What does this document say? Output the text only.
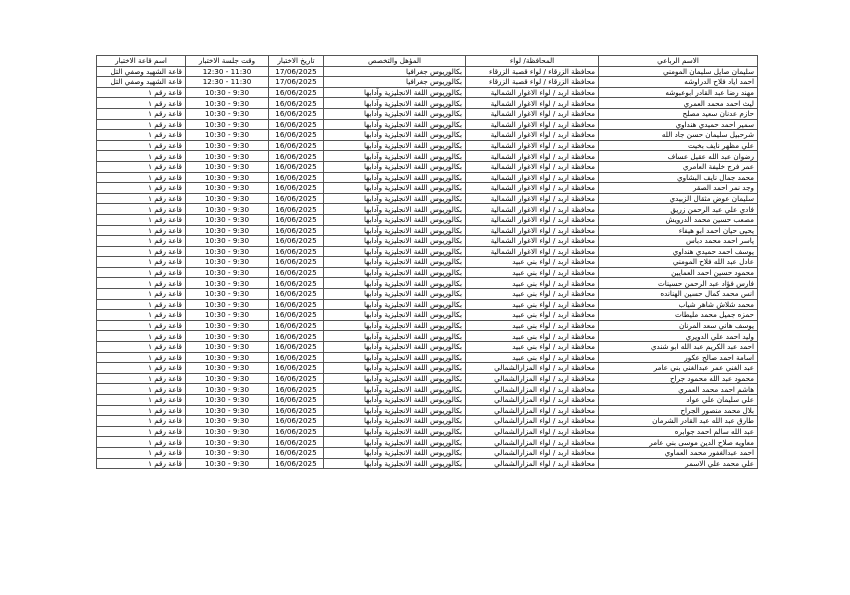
الاسم الرباعي	المحافظة/ لواء	المؤهل والتخصص	تاريخ الاختبار	وقت جلسة الاختبار	اسم قاعة الاختبار
سليمان صايل سليمان المومني	محافظة الزرقاء / لواء قصبة الزرقاء	بكالوريوس جغرافيا	17/06/2025	11:30 - 12:30	قاعة الشهيد وصفي التل
احمد اياد فلاح الدراوشه	محافظة الزرقاء / لواء قصبة الزرقاء	بكالوريوس جغرافيا	17/06/2025	11:30 - 12:30	قاعة الشهيد وصفي التل
مهند رضا عبد القادر ابوعبوشه	محافظة اربد / لواء الاغوار الشمالية	بكالوريوس اللغة الانجليزية وآدابها	16/06/2025	9:30 - 10:30	قاعة رقم ١
ليث احمد محمد العمري	محافظة اربد / لواء الاغوار الشمالية	بكالوريوس اللغة الانجليزية وآدابها	16/06/2025	9:30 - 10:30	قاعة رقم ١
حازم عدنان سعيد مصلح	محافظة اربد / لواء الاغوار الشمالية	بكالوريوس اللغة الانجليزية وآدابها	16/06/2025	9:30 - 10:30	قاعة رقم ١
سمير احمد حميدي هنداوي	محافظة اربد / لواء الاغوار الشمالية	بكالوريوس اللغة الانجليزية وآدابها	16/06/2025	9:30 - 10:30	قاعة رقم ١
شرحبيل سليمان حسن جاد الله	محافظة اربد / لواء الاغوار الشمالية	بكالوريوس اللغة الانجليزية وآدابها	16/06/2025	9:30 - 10:30	قاعة رقم ١
علي مظهر نايف بخيت	محافظة اربد / لواء الاغوار الشمالية	بكالوريوس اللغة الانجليزية وآدابها	16/06/2025	9:30 - 10:30	قاعة رقم ١
رضوان عبد الله عقيل عساف	محافظة اربد / لواء الاغوار الشمالية	بكالوريوس اللغة الانجليزية وآدابها	16/06/2025	9:30 - 10:30	قاعة رقم ١
عمر فرج خليفة العامري	محافظة اربد / لواء الاغوار الشمالية	بكالوريوس اللغة الانجليزية وآدابها	16/06/2025	9:30 - 10:30	قاعة رقم ١
محمد جمال نايف البشاوي	محافظة اربد / لواء الاغوار الشمالية	بكالوريوس اللغة الانجليزية وآدابها	16/06/2025	9:30 - 10:30	قاعة رقم ١
وجد نمر احمد الصقر	محافظة اربد / لواء الاغوار الشمالية	بكالوريوس اللغة الانجليزية وآدابها	16/06/2025	9:30 - 10:30	قاعة رقم ١
سليمان عوض مثقال الزبيدي	محافظة اربد / لواء الاغوار الشمالية	بكالوريوس اللغة الانجليزية وآدابها	16/06/2025	9:30 - 10:30	قاعة رقم ١
فادي علي عبد الرحمن زريق	محافظة اربد / لواء الاغوار الشمالية	بكالوريوس اللغة الانجليزية وآدابها	16/06/2025	9:30 - 10:30	قاعة رقم ١
مصعب حسين محمد الدرويش	محافظة اربد / لواء الاغوار الشمالية	بكالوريوس اللغة الانجليزية وآدابها	16/06/2025	9:30 - 10:30	قاعة رقم ١
يحيى حيان احمد ابو هيفاء	محافظة اربد / لواء الاغوار الشمالية	بكالوريوس اللغة الانجليزية وآدابها	16/06/2025	9:30 - 10:30	قاعة رقم ١
ياسر احمد محمد دباس	محافظة اربد / لواء الاغوار الشمالية	بكالوريوس اللغة الانجليزية وآدابها	16/06/2025	9:30 - 10:30	قاعة رقم ١
يوسف احمد حميدي هنداوي	محافظة اربد / لواء الاغوار الشمالية	بكالوريوس اللغة الانجليزية وآدابها	16/06/2025	9:30 - 10:30	قاعة رقم ١
عادل عبد الله فلاح المومني	محافظة اربد / لواء بني عبيد	بكالوريوس اللغة الانجليزية وآدابها	16/06/2025	9:30 - 10:30	قاعة رقم ١
محمود حسين احمد العمايين	محافظة اربد / لواء بني عبيد	بكالوريوس اللغة الانجليزية وآدابها	16/06/2025	9:30 - 10:30	قاعة رقم ١
فارس فؤاد عبد الرحمن حسينات	محافظة اربد / لواء بني عبيد	بكالوريوس اللغة الانجليزية وآدابها	16/06/2025	9:30 - 10:30	قاعة رقم ١
انس محمد كمال حسين الهنانده	محافظة اربد / لواء بني عبيد	بكالوريوس اللغة الانجليزية وآدابها	16/06/2025	9:30 - 10:30	قاعة رقم ١
محمد شلاش شاهر شياب	محافظة اربد / لواء بني عبيد	بكالوريوس اللغة الانجليزية وآدابها	16/06/2025	9:30 - 10:30	قاعة رقم ١
حمزه جميل محمد مليطات	محافظة اربد / لواء بني عبيد	بكالوريوس اللغة الانجليزية وآدابها	16/06/2025	9:30 - 10:30	قاعة رقم ١
يوسف هاني سعد المرنان	محافظة اربد / لواء بني عبيد	بكالوريوس اللغة الانجليزية وآدابها	16/06/2025	9:30 - 10:30	قاعة رقم ١
وليد احمد علي الدويري	محافظة اربد / لواء بني عبيد	بكالوريوس اللغة الانجليزية وآدابها	16/06/2025	9:30 - 10:30	قاعة رقم ١
احمد عبد الكريم عبد الله ابو شندي	محافظة اربد / لواء بني عبيد	بكالوريوس اللغة الانجليزية وآدابها	16/06/2025	9:30 - 10:30	قاعة رقم ١
اسامة احمد صالح عكور	محافظة اربد / لواء بني عبيد	بكالوريوس اللغة الانجليزية وآدابها	16/06/2025	9:30 - 10:30	قاعة رقم ١
عبد الغني عمر عبدالغني بني عامر	محافظة اربد / لواء المزارالشمالي	بكالوريوس اللغة الانجليزية وآدابها	16/06/2025	9:30 - 10:30	قاعة رقم ١
محمود عبد الله محمود جراح	محافظة اربد / لواء المزارالشمالي	بكالوريوس اللغة الانجليزية وآدابها	16/06/2025	9:30 - 10:30	قاعة رقم ١
هاشم احمد محمد العمري	محافظة اربد / لواء المزارالشمالي	بكالوريوس اللغة الانجليزية وآدابها	16/06/2025	9:30 - 10:30	قاعة رقم ١
علي سليمان علي عواد	محافظة اربد / لواء المزارالشمالي	بكالوريوس اللغة الانجليزية وآدابها	16/06/2025	9:30 - 10:30	قاعة رقم ١
بلال محمد منصور الجراح	محافظة اربد / لواء المزارالشمالي	بكالوريوس اللغة الانجليزية وآدابها	16/06/2025	9:30 - 10:30	قاعة رقم ١
طارق عبد الله عبد القادر الشرمان	محافظة اربد / لواء المزارالشمالي	بكالوريوس اللغة الانجليزية وآدابها	16/06/2025	9:30 - 10:30	قاعة رقم ١
عبد الله سالم احمد جوابره	محافظة اربد / لواء المزارالشمالي	بكالوريوس اللغة الانجليزية وآدابها	16/06/2025	9:30 - 10:30	قاعة رقم ١
معاويه صلاح الدين موسى بني عامر	محافظة اربد / لواء المزارالشمالي	بكالوريوس اللغة الانجليزية وآدابها	16/06/2025	9:30 - 10:30	قاعة رقم ١
احمد عبدالغفور محمد العماوي	محافظة اربد / لواء المزارالشمالي	بكالوريوس اللغة الانجليزية وآدابها	16/06/2025	9:30 - 10:30	قاعة رقم ١
علي محمد علي الاسمر	محافظة اربد / لواء المزارالشمالي	بكالوريوس اللغة الانجليزية وآدابها	16/06/2025	9:30 - 10:30	قاعة رقم ١
